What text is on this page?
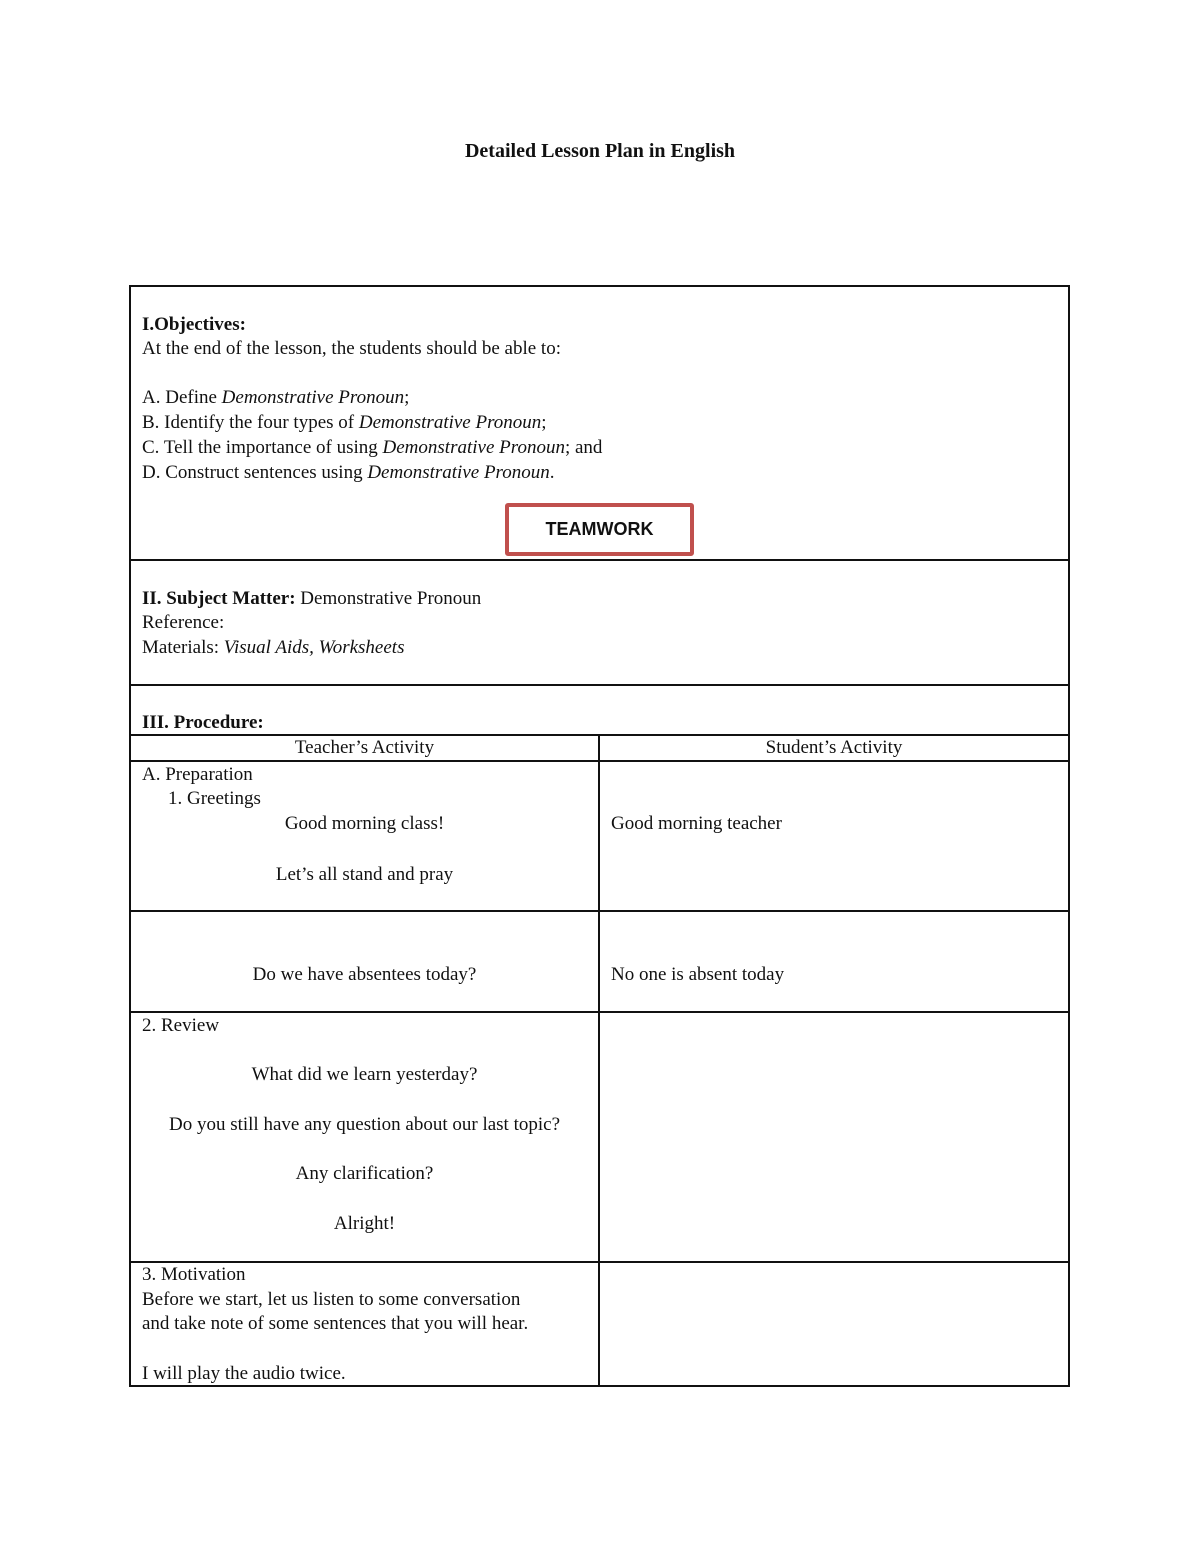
Detailed Lesson Plan in English
I.Objectives:
At the end of the lesson, the students should be able to:
A. Define Demonstrative Pronoun;
B. Identify the four types of Demonstrative Pronoun;
C. Tell the importance of using Demonstrative Pronoun; and
D. Construct sentences using Demonstrative Pronoun.
TEAMWORK
II. Subject Matter: Demonstrative Pronoun
Reference:
Materials: Visual Aids, Worksheets
III. Procedure:
Teacher’s Activity	Student’s Activity
A. Preparation
1. Greetings
Good morning class!
Let’s all stand and pray
Good morning teacher
Do we have absentees today?	No one is absent today
2. Review
What did we learn yesterday?
Do you still have any question about our last topic?
Any clarification?
Alright!
3. Motivation
Before we start, let us listen to some conversation
and take note of some sentences that you will hear.
I will play the audio twice.
